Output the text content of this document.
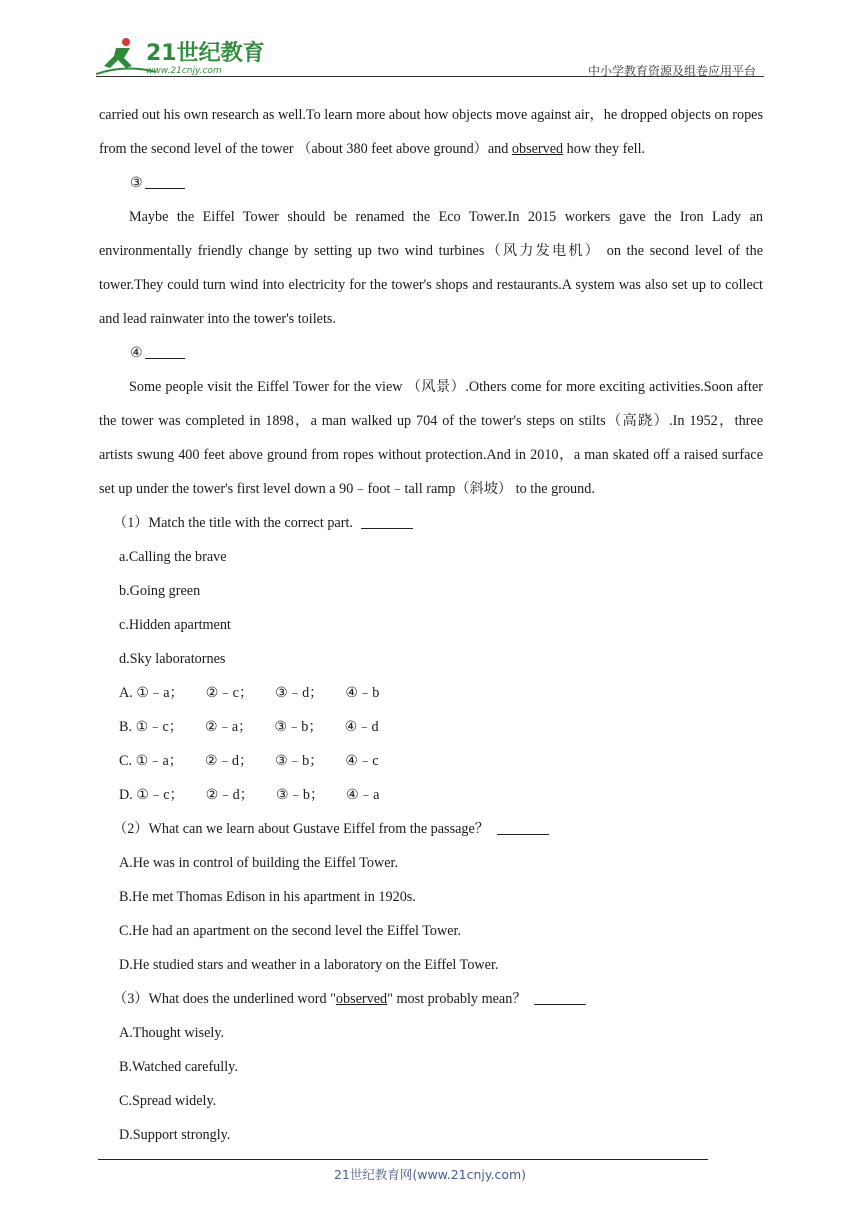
21世纪教育
www.21cnjy.com	中小学教育资源及组卷应用平台

carried out his own research as well.To learn more about how objects move against air，he dropped objects on ropes from the second level of the tower （about 380 feet above ground）and observed how they fell.

③

Maybe the Eiffel Tower should be renamed the Eco Tower.In 2015 workers gave the Iron Lady an environmentally friendly change by setting up two wind turbines（风力发电机） on the second level of the tower.They could turn wind into electricity for the tower's shops and restaurants.A system was also set up to collect and lead rainwater into the tower's toilets.

④

Some people visit the Eiffel Tower for the view （风景）.Others come for more exciting activities.Soon after the tower was completed in 1898，a man walked up 704 of the tower's steps on stilts（高跷）.In 1952，three artists swung 400 feet above ground from ropes without protection.And in 2010，a man skated off a raised surface set up under the tower's first level down a 90﹣foot﹣tall ramp（斜坡） to the ground.

（1）Match the title with the correct part.

a.Calling the brave

b.Going green

c.Hidden apartment

d.Sky laboratornes

A. ①﹣a； ②﹣c； ③﹣d； ④﹣b

B. ①﹣c； ②﹣a； ③﹣b； ④﹣d

C. ①﹣a； ②﹣d； ③﹣b； ④﹣c

D. ①﹣c； ②﹣d； ③﹣b； ④﹣a

（2）What can we learn about Gustave Eiffel from the passage？

A.He was in control of building the Eiffel Tower.

B.He met Thomas Edison in his apartment in 1920s.

C.He had an apartment on the second level the Eiffel Tower.

D.He studied stars and weather in a laboratory on the Eiffel Tower.

（3）What does the underlined word "observed" most probably mean？

A.Thought wisely.

B.Watched carefully.

C.Spread widely.

D.Support strongly.

21世纪教育网(www.21cnjy.com)
